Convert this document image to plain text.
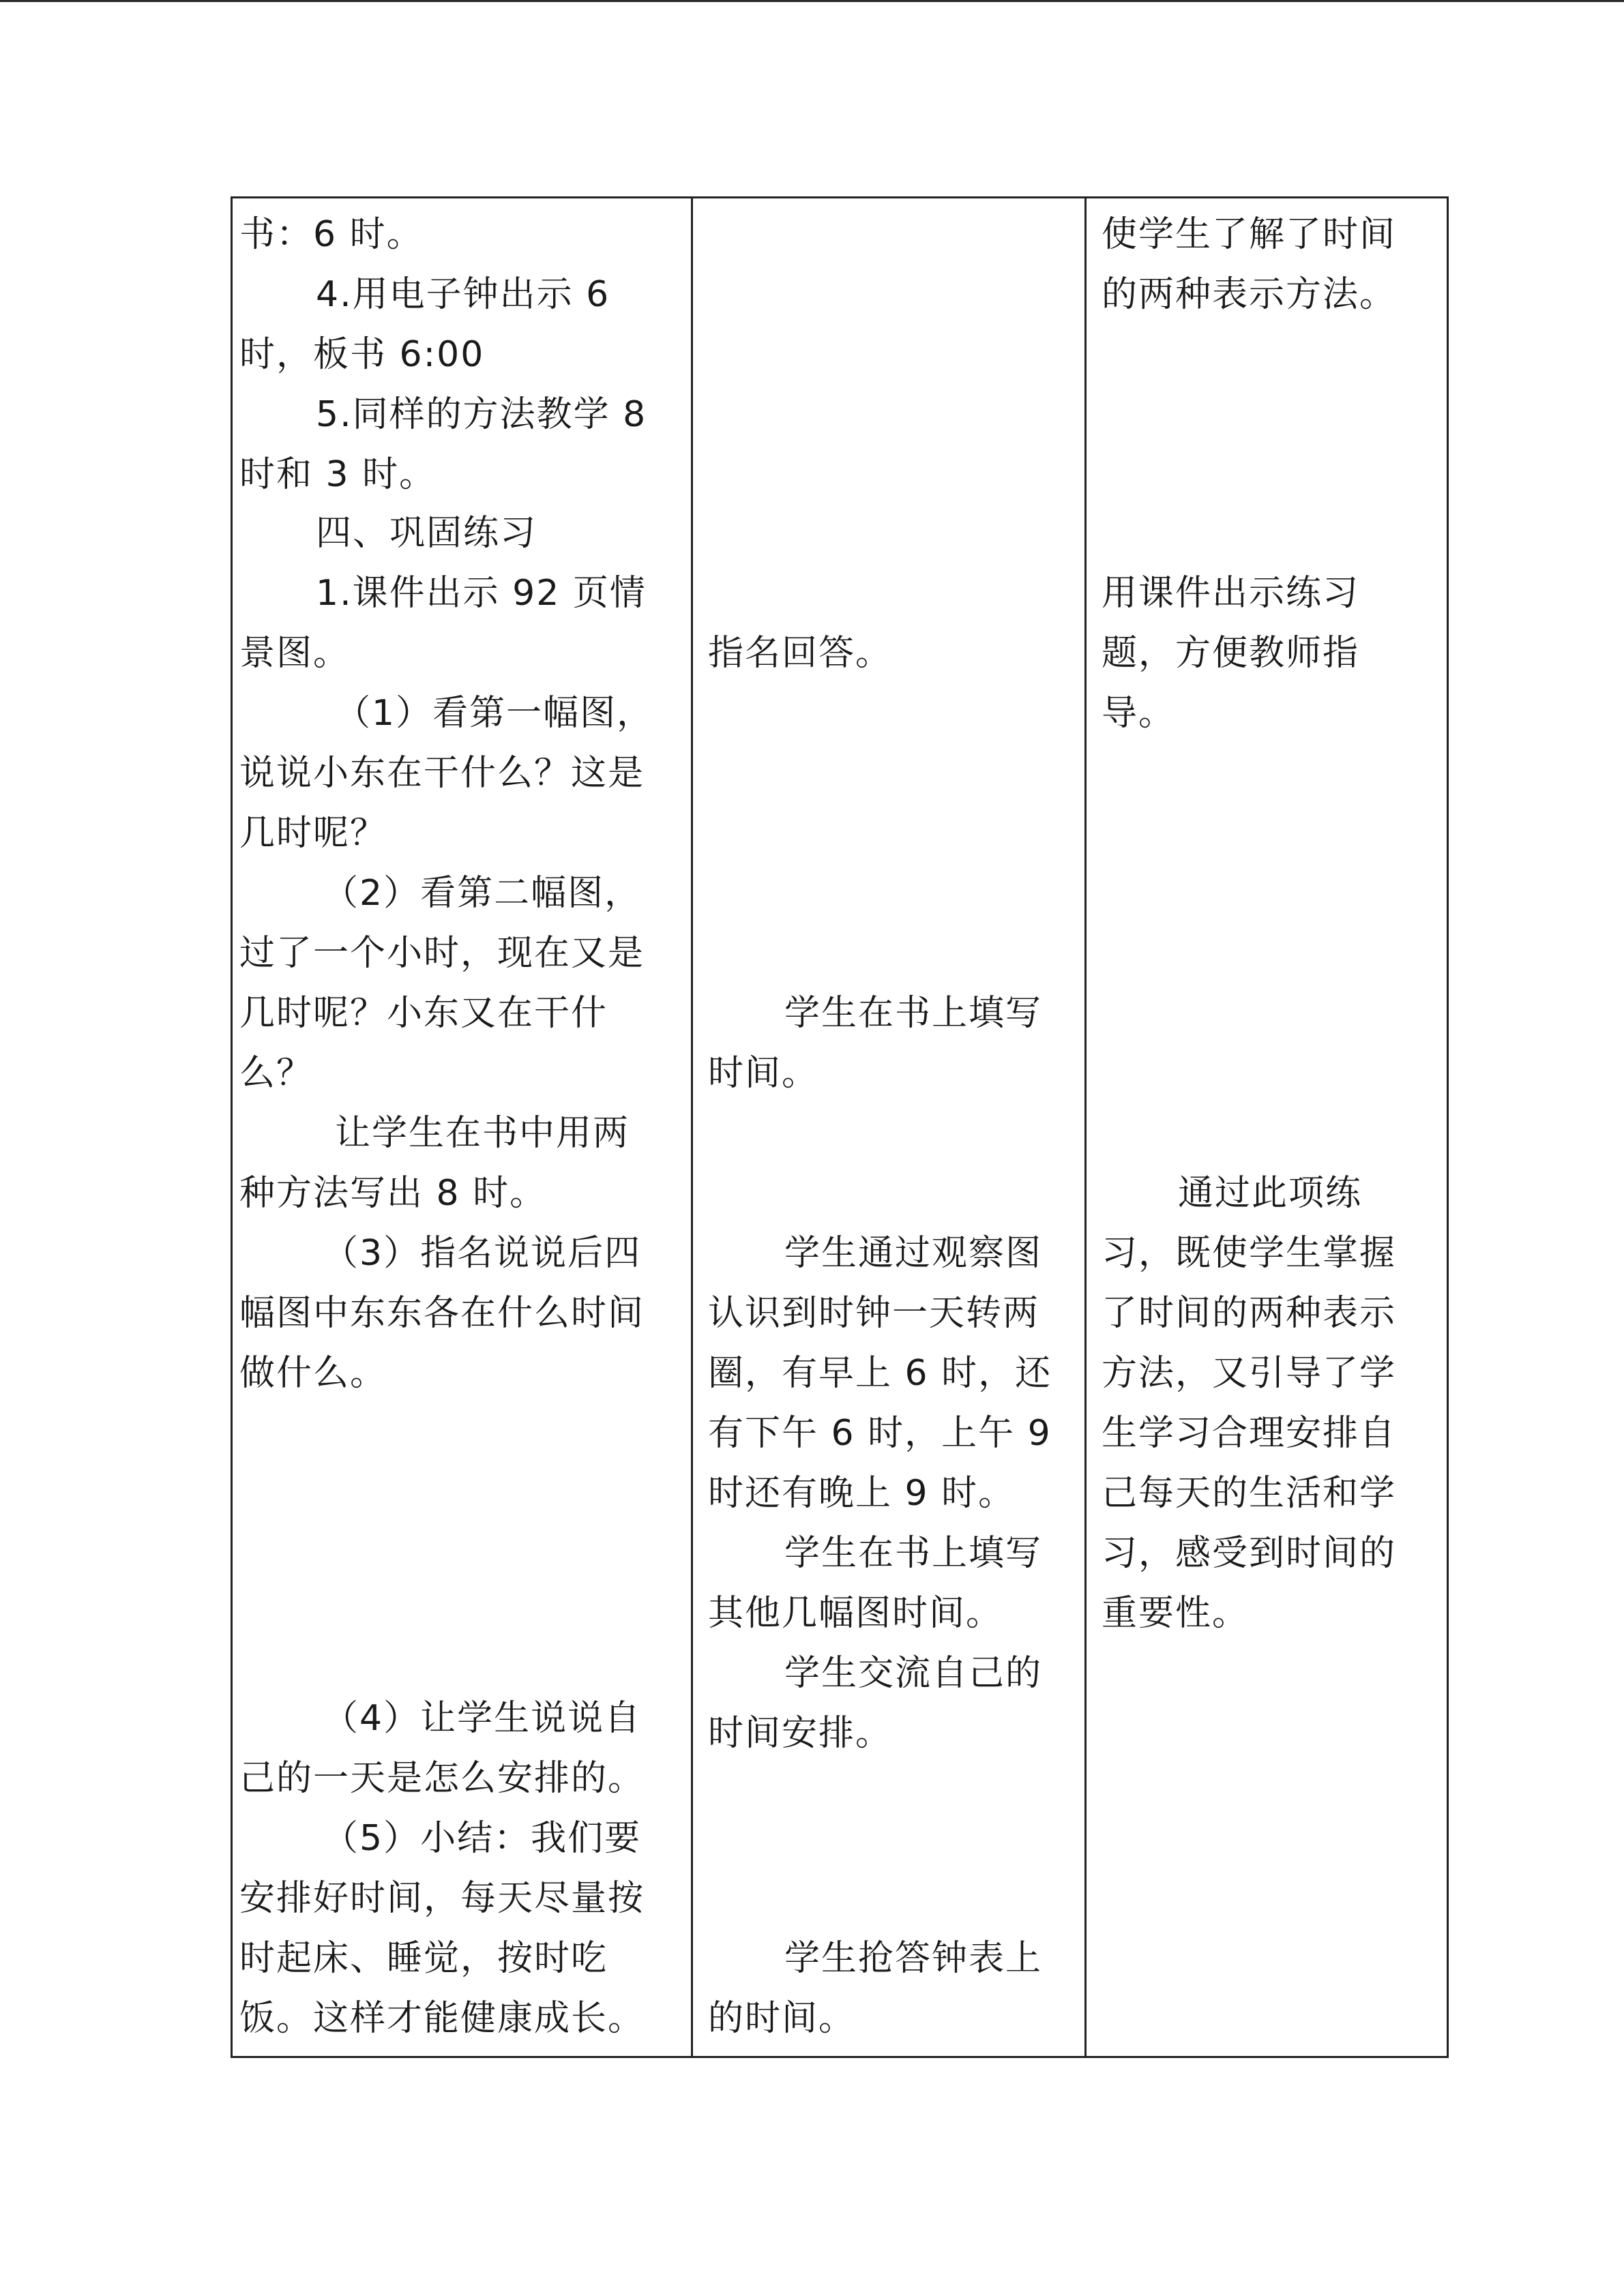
书：6 时。
4.用电子钟出示 6
时，板书 6:00
5.同样的方法教学 8
时和 3 时。
四、巩固练习
1.课件出示 92 页情
景图。
（1）看第一幅图，
说说小东在干什么？这是
几时呢？
（2）看第二幅图，
过了一个小时，现在又是
几时呢？小东又在干什
么？
让学生在书中用两
种方法写出 8 时。
（3）指名说说后四
幅图中东东各在什么时间
做什么。
（4）让学生说说自
己的一天是怎么安排的。
（5）小结：我们要
安排好时间，每天尽量按
时起床、睡觉，按时吃
饭。这样才能健康成长。
指名回答。
学生在书上填写
时间。
学生通过观察图
认识到时钟一天转两
圈，有早上 6 时，还
有下午 6 时，上午 9
时还有晚上 9 时。
学生在书上填写
其他几幅图时间。
学生交流自己的
时间安排。
学生抢答钟表上
的时间。
使学生了解了时间
的两种表示方法。
用课件出示练习
题，方便教师指
导。
通过此项练
习，既使学生掌握
了时间的两种表示
方法，又引导了学
生学习合理安排自
己每天的生活和学
习，感受到时间的
重要性。
